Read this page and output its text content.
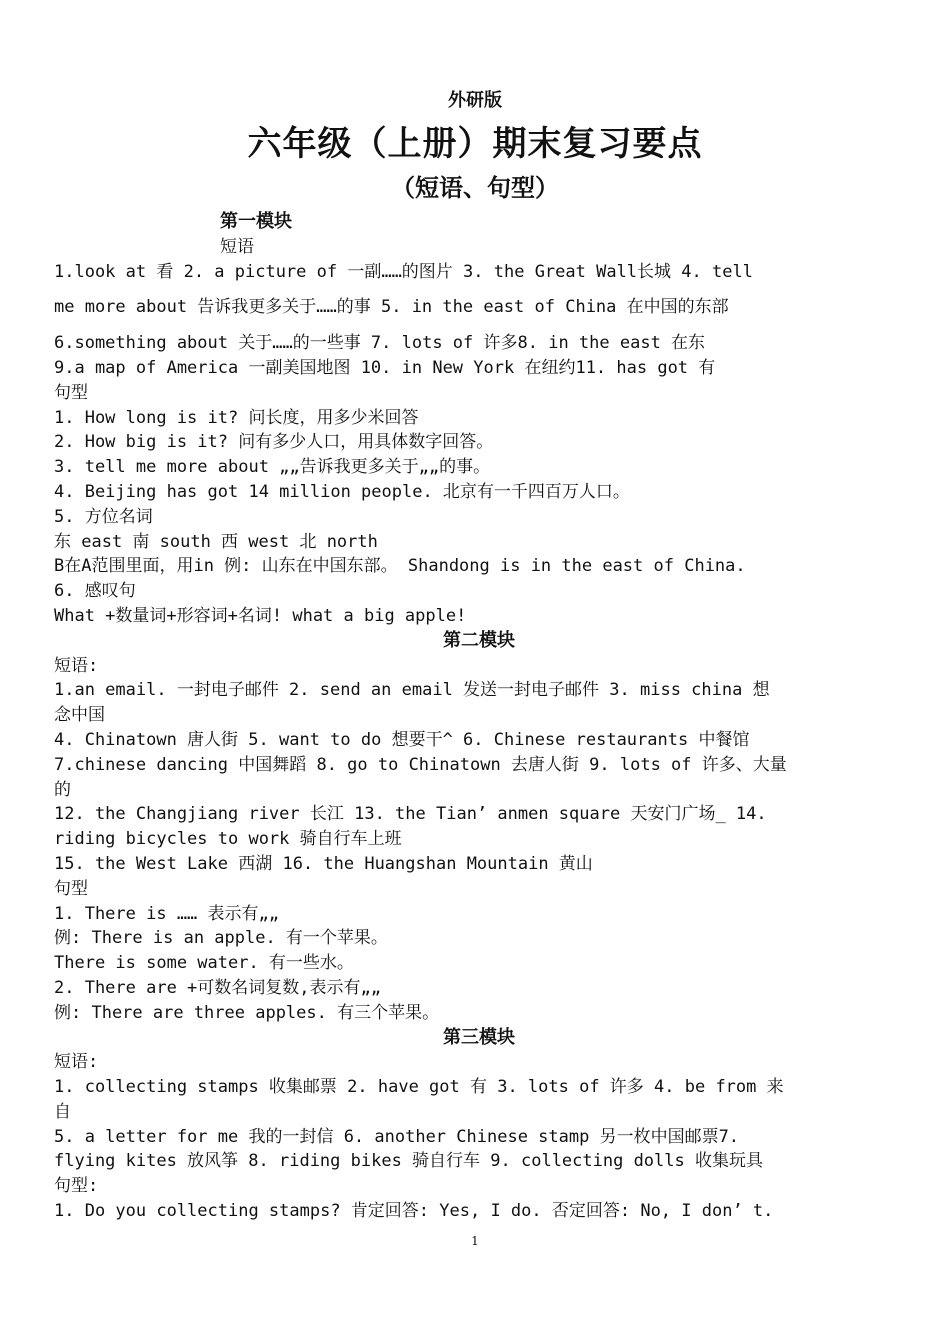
外研版
六年级（上册）期末复习要点
（短语、句型）
第一模块
短语
1.look at 看 2. a picture of 一副……的图片 3. the Great Wall长城 4. tell
me more about 告诉我更多关于……的事 5. in the east of China 在中国的东部
6.something about 关于……的一些事 7. lots of 许多8. in the east 在东
9.a map of America 一副美国地图 10. in New York 在纽约11. has got 有
句型
1. How long is it? 问长度，用多少米回答
2. How big is it? 问有多少人口，用具体数字回答。
3. tell me more about „„告诉我更多关于„„的事。
4. Beijing has got 14 million people. 北京有一千四百万人口。
5. 方位名词
东 east 南 south 西 west 北 north
B在A范围里面，用in 例: 山东在中国东部。 Shandong is in the east of China.
6. 感叹句
What +数量词+形容词+名词! what a big apple!
第二模块
短语:
1.an email. 一封电子邮件 2. send an email 发送一封电子邮件 3. miss china 想
念中国
4. Chinatown 唐人街 5. want to do 想要干^ 6. Chinese restaurants 中餐馆
7.chinese dancing 中国舞蹈 8. go to Chinatown 去唐人街 9. lots of 许多、大量
的
12. the Changjiang river 长江 13. the Tian’ anmen square 天安门广场_ 14.
riding bicycles to work 骑自行车上班
15. the West Lake 西湖 16. the Huangshan Mountain 黄山
句型
1. There is …… 表示有„„
例: There is an apple. 有一个苹果。
There is some water. 有一些水。
2. There are +可数名词复数,表示有„„
例: There are three apples. 有三个苹果。
第三模块
短语:
1. collecting stamps 收集邮票 2. have got 有 3. lots of 许多 4. be from 来
自
5. a letter for me 我的一封信 6. another Chinese stamp 另一枚中国邮票7.
flying kites 放风筝 8. riding bikes 骑自行车 9. collecting dolls 收集玩具
句型:
1. Do you collecting stamps? 肯定回答: Yes, I do. 否定回答: No, I don’ t.
1
